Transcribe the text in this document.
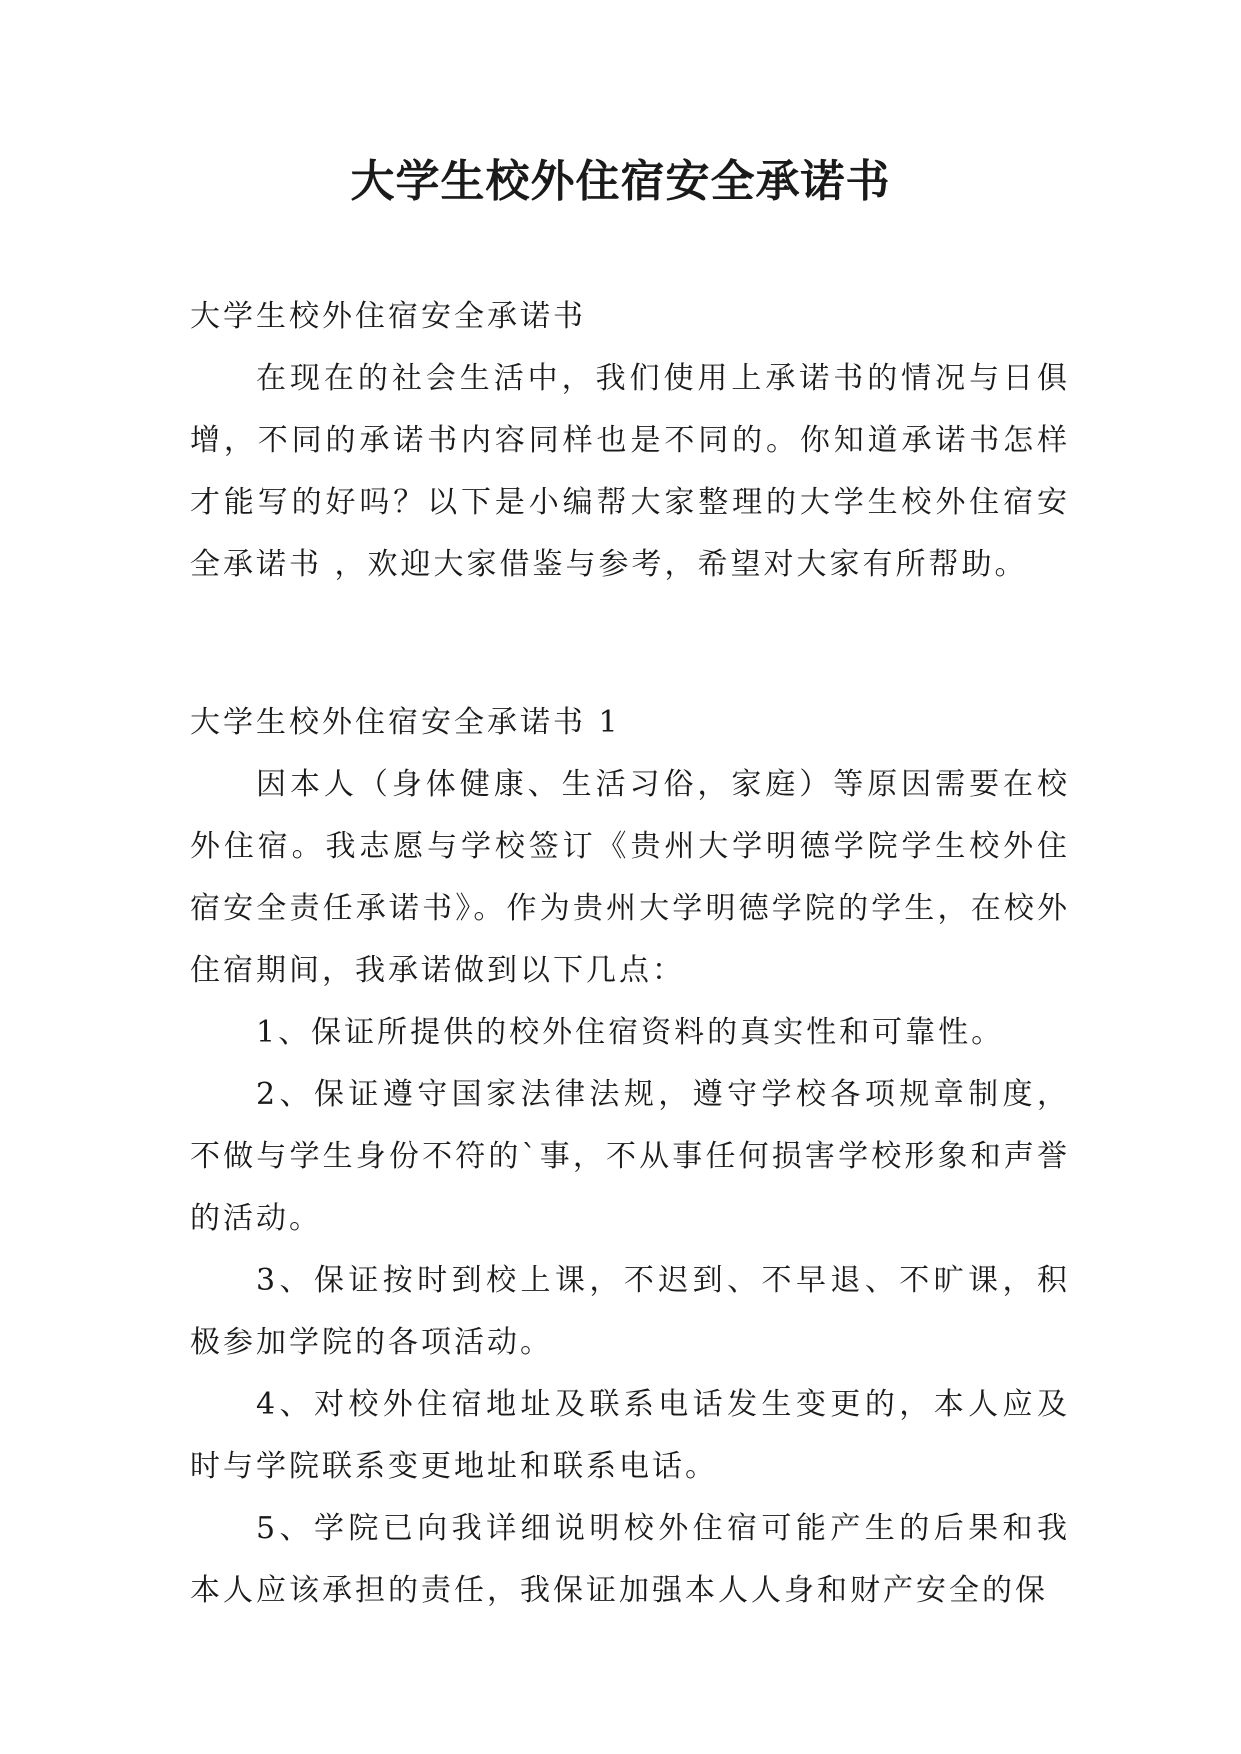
大学生校外住宿安全承诺书

大学生校外住宿安全承诺书

在现在的社会生活中，我们使用上承诺书的情况与日俱增，不同的承诺书内容同样也是不同的。你知道承诺书怎样才能写的好吗？以下是小编帮大家整理的大学生校外住宿安全承诺书 ，欢迎大家借鉴与参考，希望对大家有所帮助。

大学生校外住宿安全承诺书 1

因本人（身体健康、生活习俗，家庭）等原因需要在校外住宿。我志愿与学校签订《贵州大学明德学院学生校外住宿安全责任承诺书》。作为贵州大学明德学院的学生，在校外住宿期间，我承诺做到以下几点：

1、保证所提供的校外住宿资料的真实性和可靠性。

2、保证遵守国家法律法规，遵守学校各项规章制度，不做与学生身份不符的`事，不从事任何损害学校形象和声誉的活动。

3、保证按时到校上课，不迟到、不早退、不旷课，积极参加学院的各项活动。

4、对校外住宿地址及联系电话发生变更的，本人应及时与学院联系变更地址和联系电话。

5、学院已向我详细说明校外住宿可能产生的后果和我本人应该承担的责任，我保证加强本人人身和财产安全的保
